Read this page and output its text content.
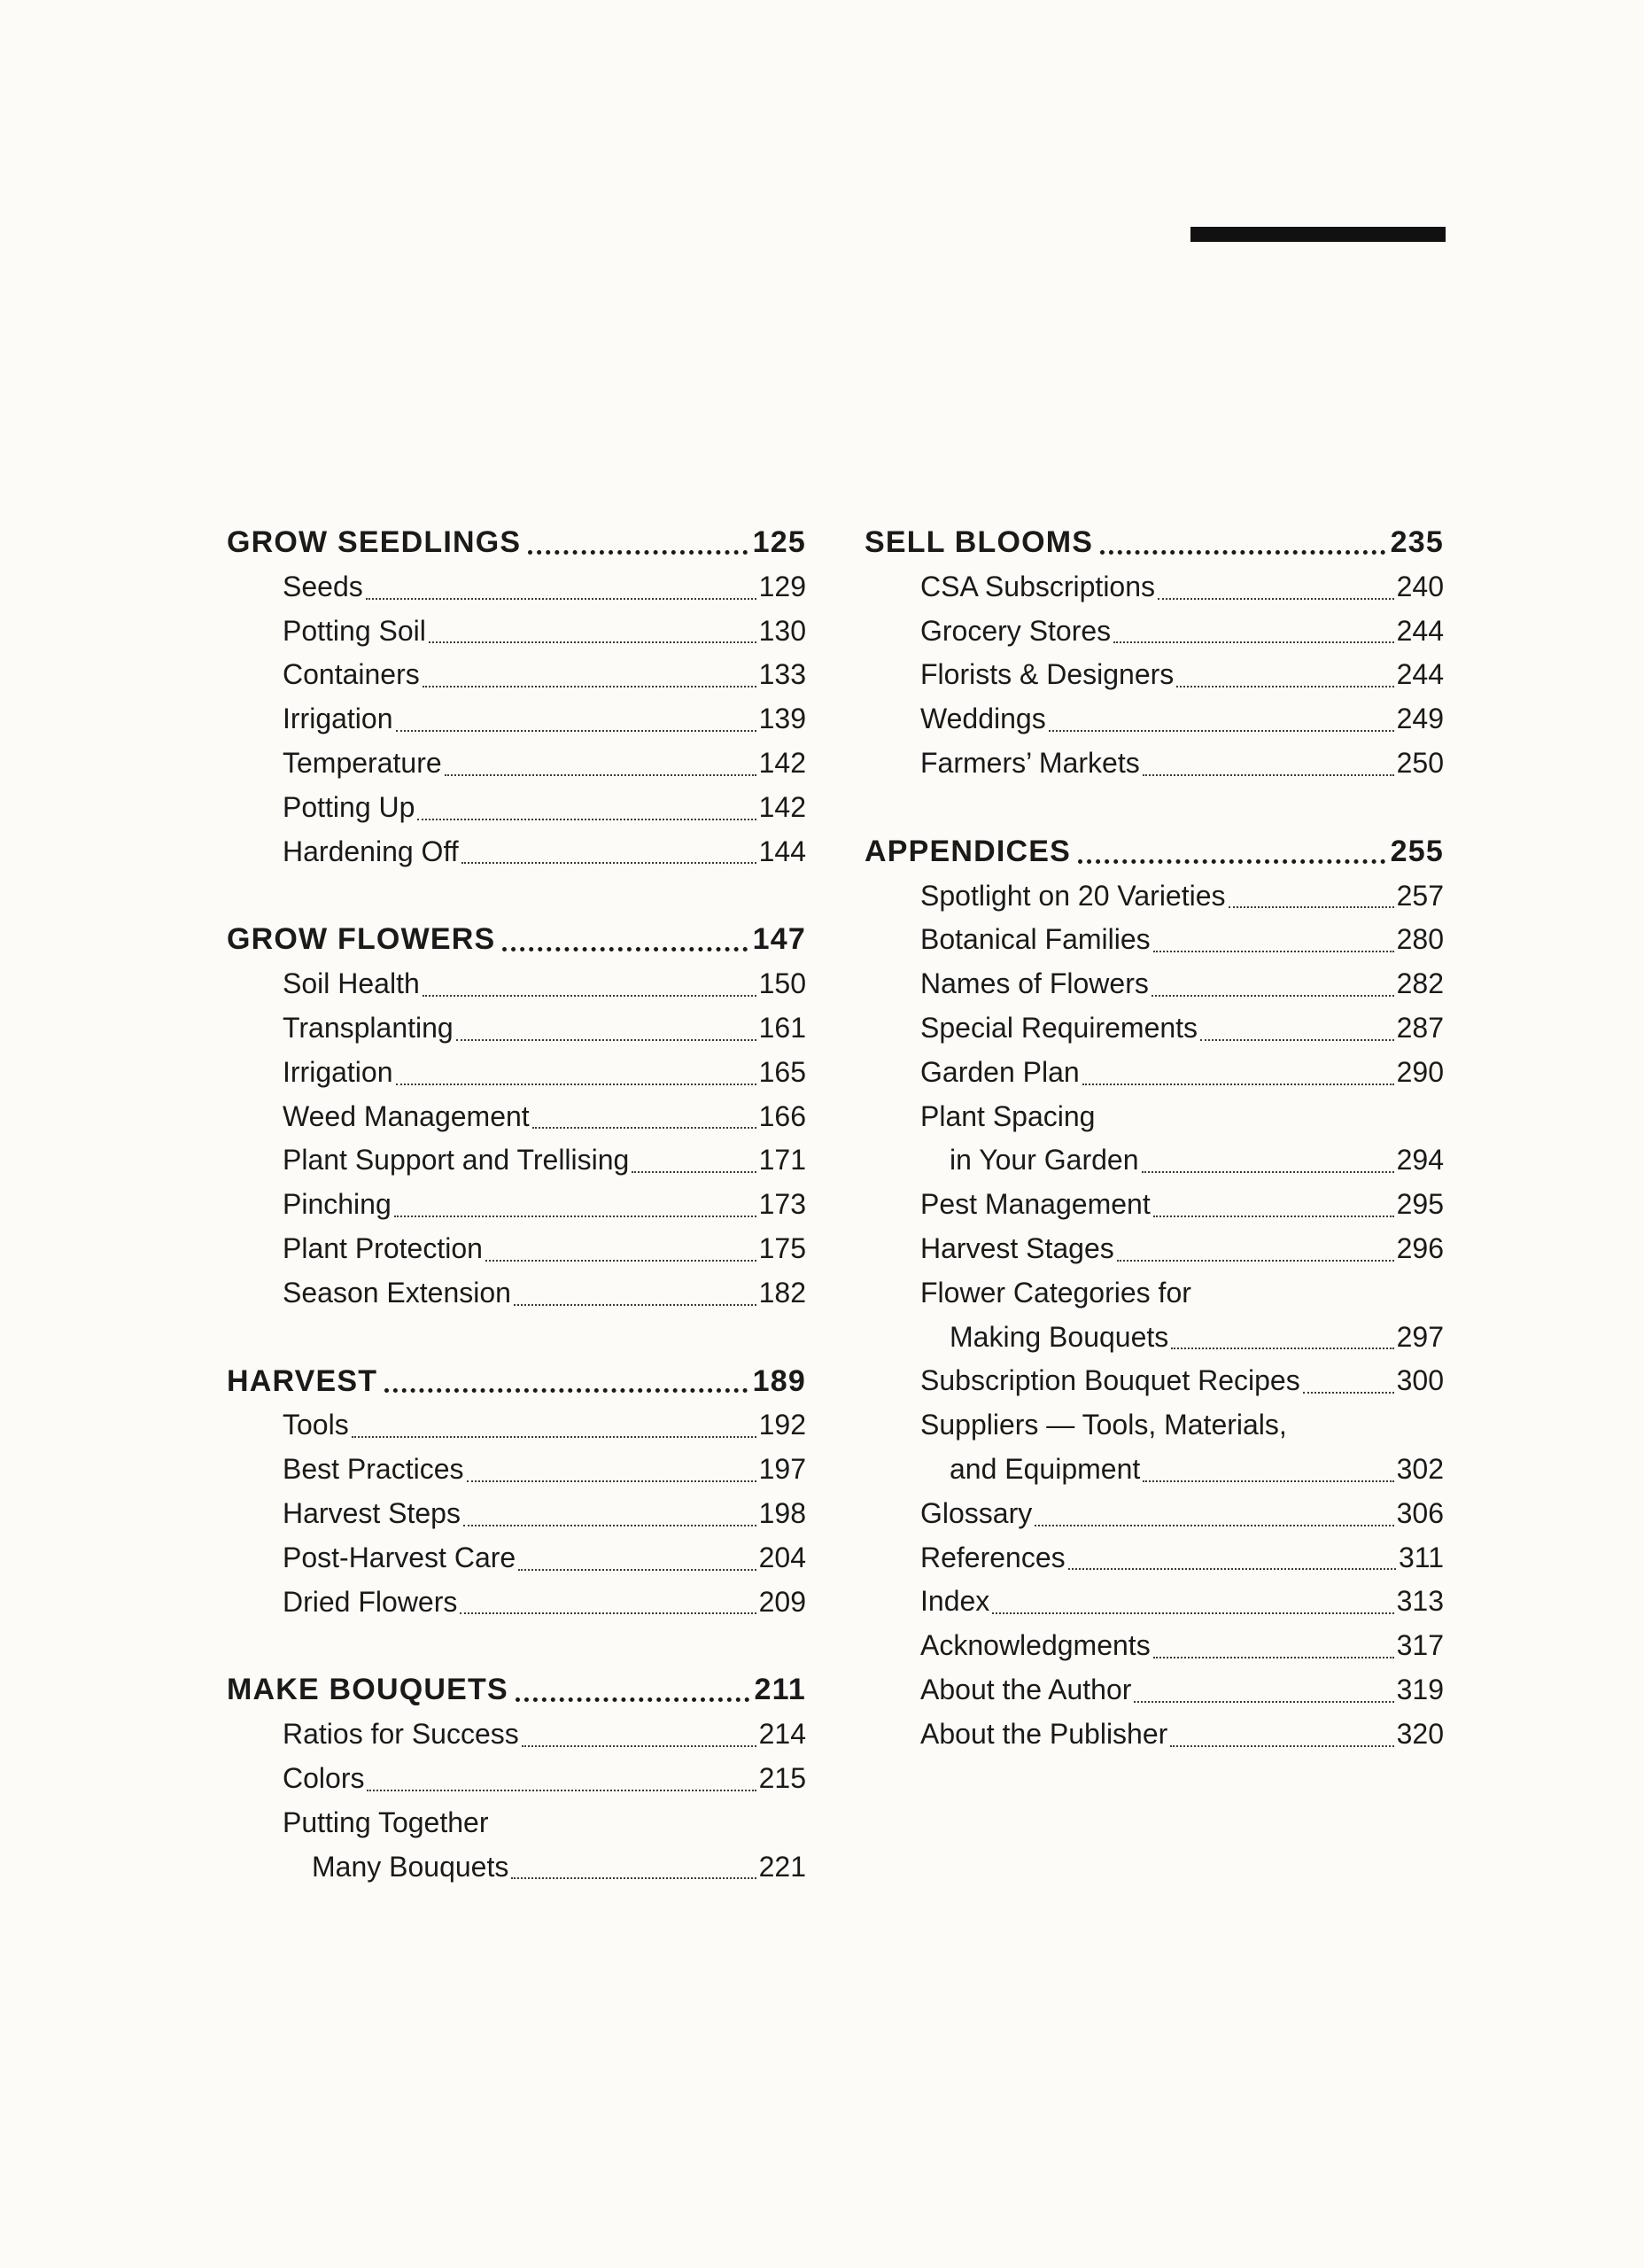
GROW SEEDLINGS	125
Seeds	129
Potting Soil	130
Containers	133
Irrigation	139
Temperature	142
Potting Up	142
Hardening Off	144
GROW FLOWERS	147
Soil Health	150
Transplanting	161
Irrigation	165
Weed Management	166
Plant Support and Trellising	171
Pinching	173
Plant Protection	175
Season Extension	182
HARVEST	189
Tools	192
Best Practices	197
Harvest Steps	198
Post-Harvest Care	204
Dried Flowers	209
MAKE BOUQUETS	211
Ratios for Success	214
Colors	215
Putting Together
Many Bouquets	221
SELL BLOOMS	235
CSA Subscriptions	240
Grocery Stores	244
Florists & Designers	244
Weddings	249
Farmers’ Markets	250
APPENDICES	255
Spotlight on 20 Varieties	257
Botanical Families	280
Names of Flowers	282
Special Requirements	287
Garden Plan	290
Plant Spacing
in Your Garden	294
Pest Management	295
Harvest Stages	296
Flower Categories for
Making Bouquets	297
Subscription Bouquet Recipes	300
Suppliers — Tools, Materials,
and Equipment	302
Glossary	306
References	311
Index	313
Acknowledgments	317
About the Author	319
About the Publisher	320
